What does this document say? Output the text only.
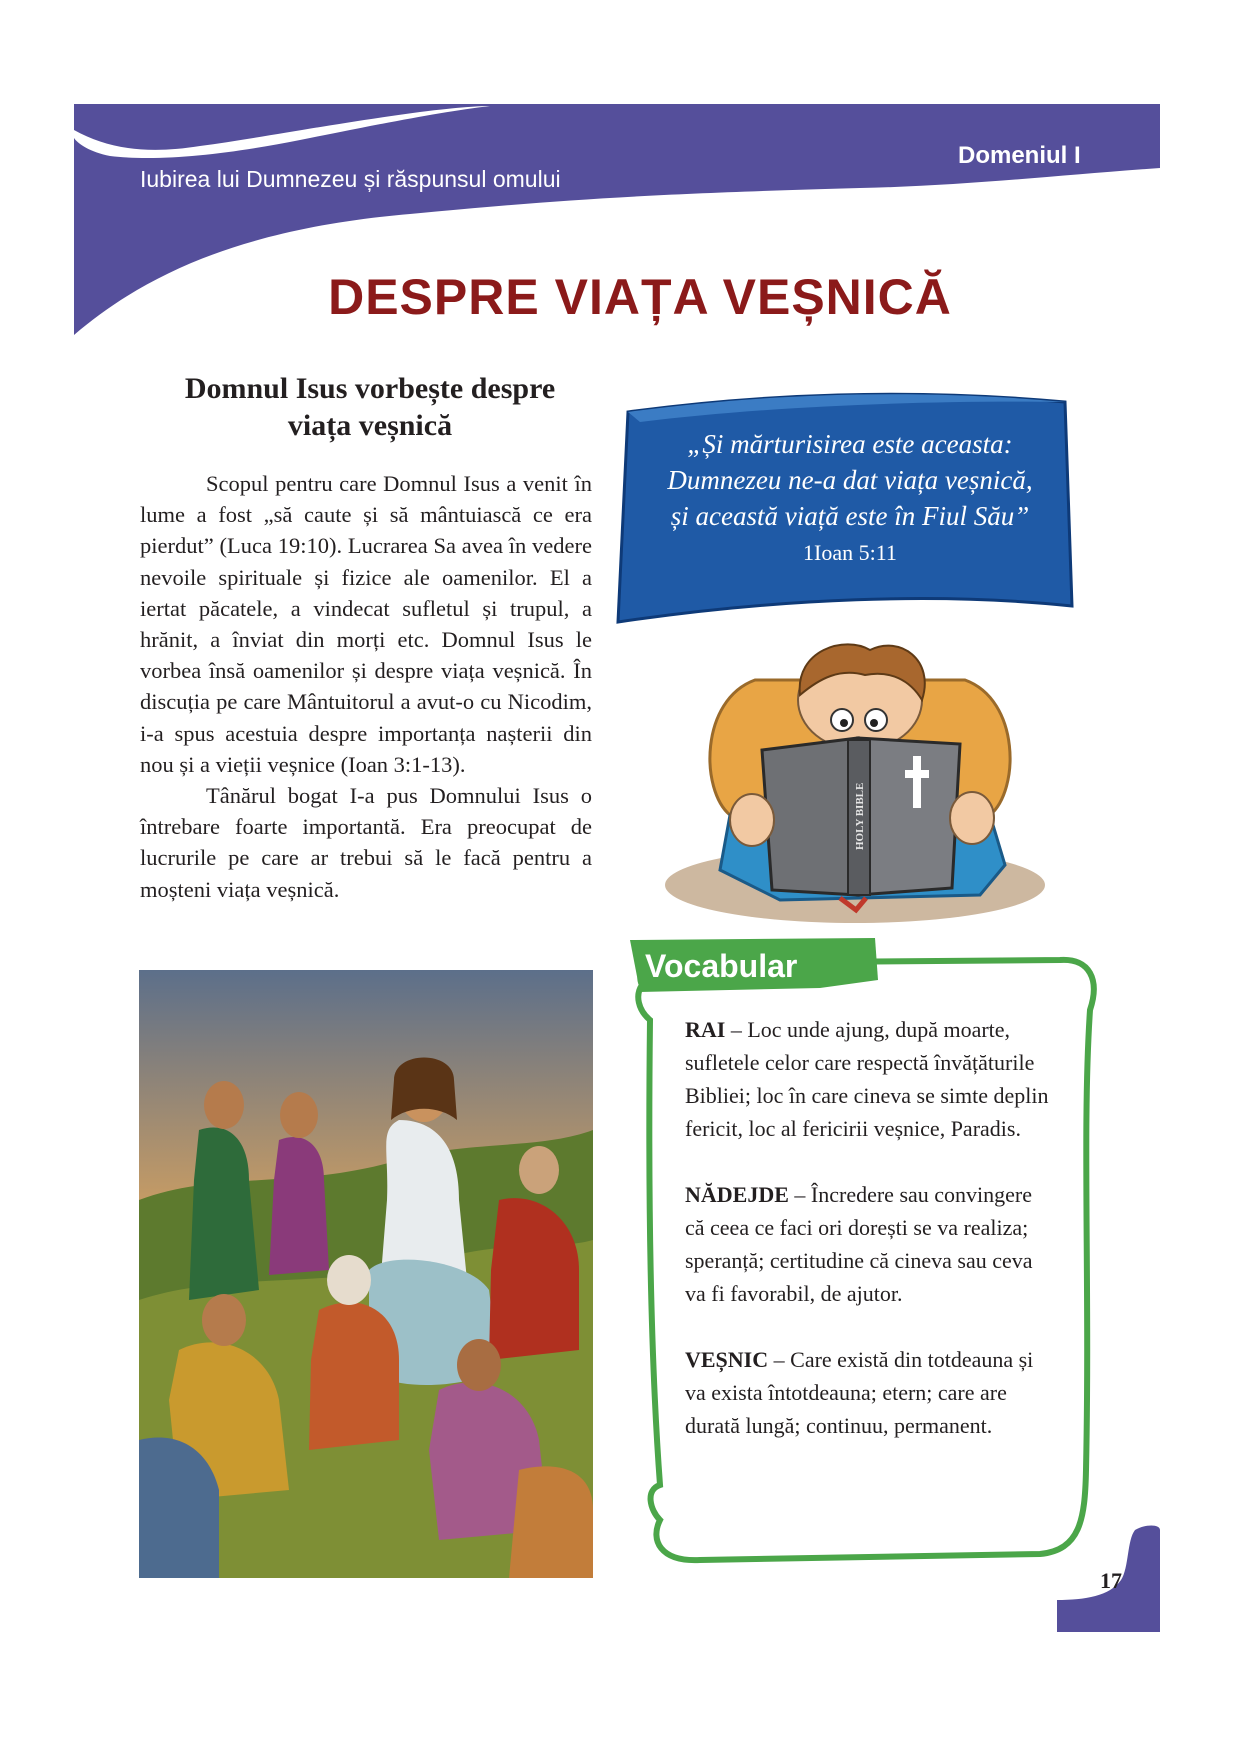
Iubirea lui Dumnezeu și răspunsul omului
Domeniul I
DESPRE VIAȚA VEȘNICĂ
Domnul Isus vorbește despre
viața veșnică

Scopul pentru care Domnul Isus a venit în lume a fost „să caute și să mântuiască ce era pierdut” (Luca 19:10). Lucrarea Sa avea în vedere nevoile spirituale și fizice ale oamenilor. El a iertat păcatele, a vindecat sufletul și trupul, a hrănit, a înviat din morți etc. Domnul Isus le vorbea însă oamenilor și despre viața veșnică. În discuția pe care Mântuitorul a avut-o cu Nicodim, i-a spus acestuia despre importanța nașterii din nou și a vieții veșnice (Ioan 3:1-13).

Tânărul bogat I-a pus Domnului Isus o întrebare foarte importantă. Era preocupat de lucrurile pe care ar trebui să le facă pentru a moșteni viața veșnică.

„Și mărturisirea este aceasta:
Dumnezeu ne-a dat viața veșnică,
și această viață este în Fiul Său”
1Ioan 5:11
HOLY BIBLE
Vocabular

RAI – Loc unde ajung, după moarte, sufletele celor care respectă învățăturile Bibliei; loc în care cineva se simte deplin fericit, loc al fericirii veșnice, Paradis.

NĂDEJDE – Încredere sau convingere că ceea ce faci ori dorești se va realiza; speranță; certitudine că cineva sau ceva va fi favorabil, de ajutor.

VEȘNIC – Care există din totdeauna și va exista întotdeauna; etern; care are durată lungă; continuu, permanent.

17
